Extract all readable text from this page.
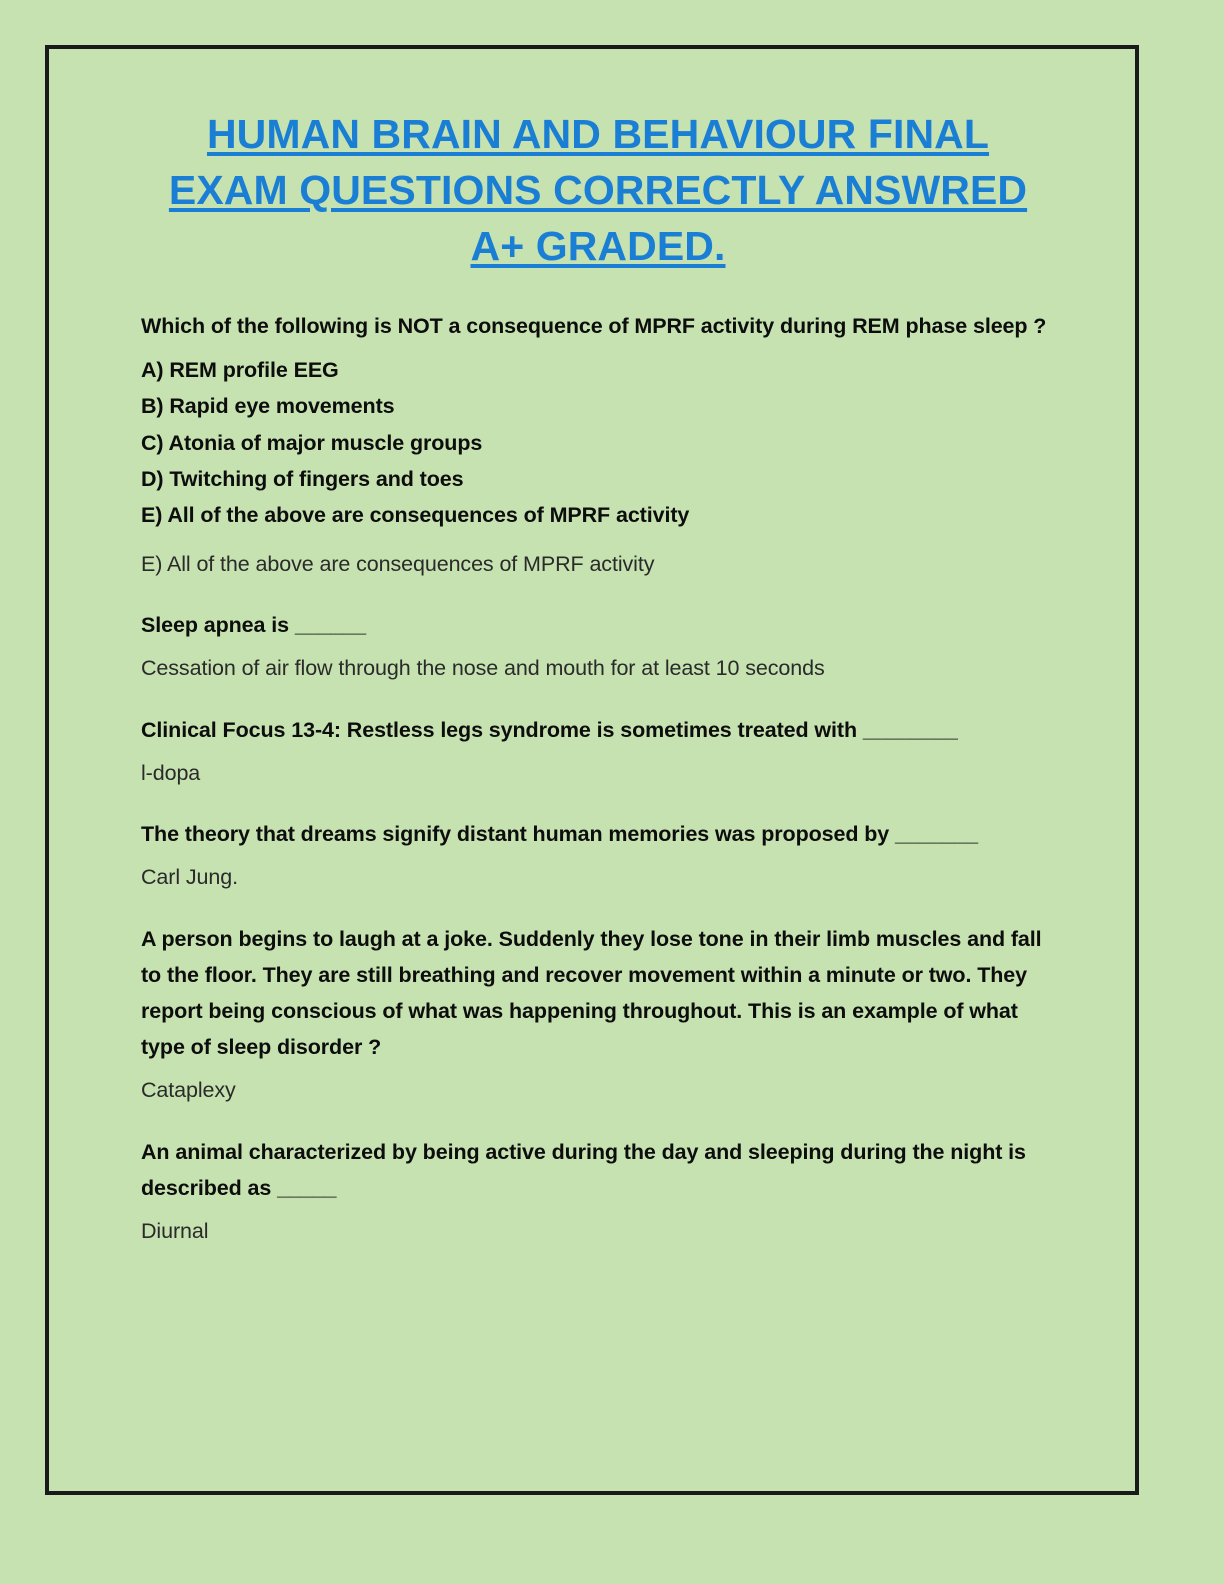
HUMAN BRAIN AND BEHAVIOUR FINAL EXAM QUESTIONS CORRECTLY ANSWRED A+ GRADED.

Which of the following is NOT a consequence of MPRF activity during REM phase sleep ?

A) REM profile EEG
B) Rapid eye movements
C) Atonia of major muscle groups
D) Twitching of fingers and toes
E) All of the above are consequences of MPRF activity

E) All of the above are consequences of MPRF activity

Sleep apnea is ______

Cessation of air flow through the nose and mouth for at least 10 seconds

Clinical Focus 13-4: Restless legs syndrome is sometimes treated with ________

l-dopa

The theory that dreams signify distant human memories was proposed by _______

Carl Jung.

A person begins to laugh at a joke. Suddenly they lose tone in their limb muscles and fall to the floor. They are still breathing and recover movement within a minute or two. They report being conscious of what was happening throughout. This is an example of what type of sleep disorder ?

Cataplexy

An animal characterized by being active during the day and sleeping during the night is described as _____

Diurnal
